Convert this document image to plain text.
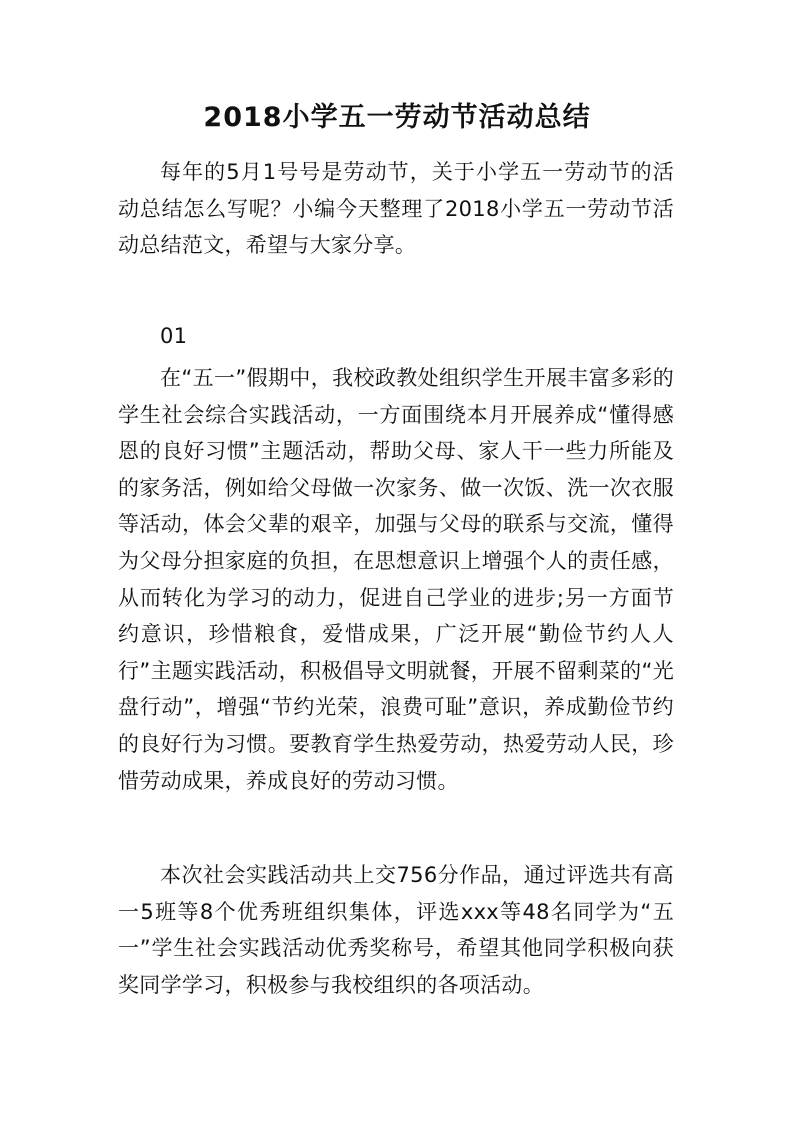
2018小学五一劳动节活动总结

每年的5月1号号是劳动节，关于小学五一劳动节的活动总结怎么写呢？小编今天整理了2018小学五一劳动节活动总结范文，希望与大家分享。

01

在“五一”假期中，我校政教处组织学生开展丰富多彩的学生社会综合实践活动，一方面围绕本月开展养成“懂得感恩的良好习惯”主题活动，帮助父母、家人干一些力所能及的家务活，例如给父母做一次家务、做一次饭、洗一次衣服等活动，体会父辈的艰辛，加强与父母的联系与交流，懂得为父母分担家庭的负担，在思想意识上增强个人的责任感，从而转化为学习的动力，促进自己学业的进步;另一方面节约意识，珍惜粮食，爱惜成果，广泛开展“勤俭节约人人行”主题实践活动，积极倡导文明就餐，开展不留剩菜的“光盘行动”，增强“节约光荣，浪费可耻”意识，养成勤俭节约的良好行为习惯。要教育学生热爱劳动，热爱劳动人民，珍惜劳动成果，养成良好的劳动习惯。

本次社会实践活动共上交756分作品，通过评选共有高一5班等8个优秀班组织集体，评选xxx等48名同学为“五一”学生社会实践活动优秀奖称号，希望其他同学积极向获奖同学学习，积极参与我校组织的各项活动。
